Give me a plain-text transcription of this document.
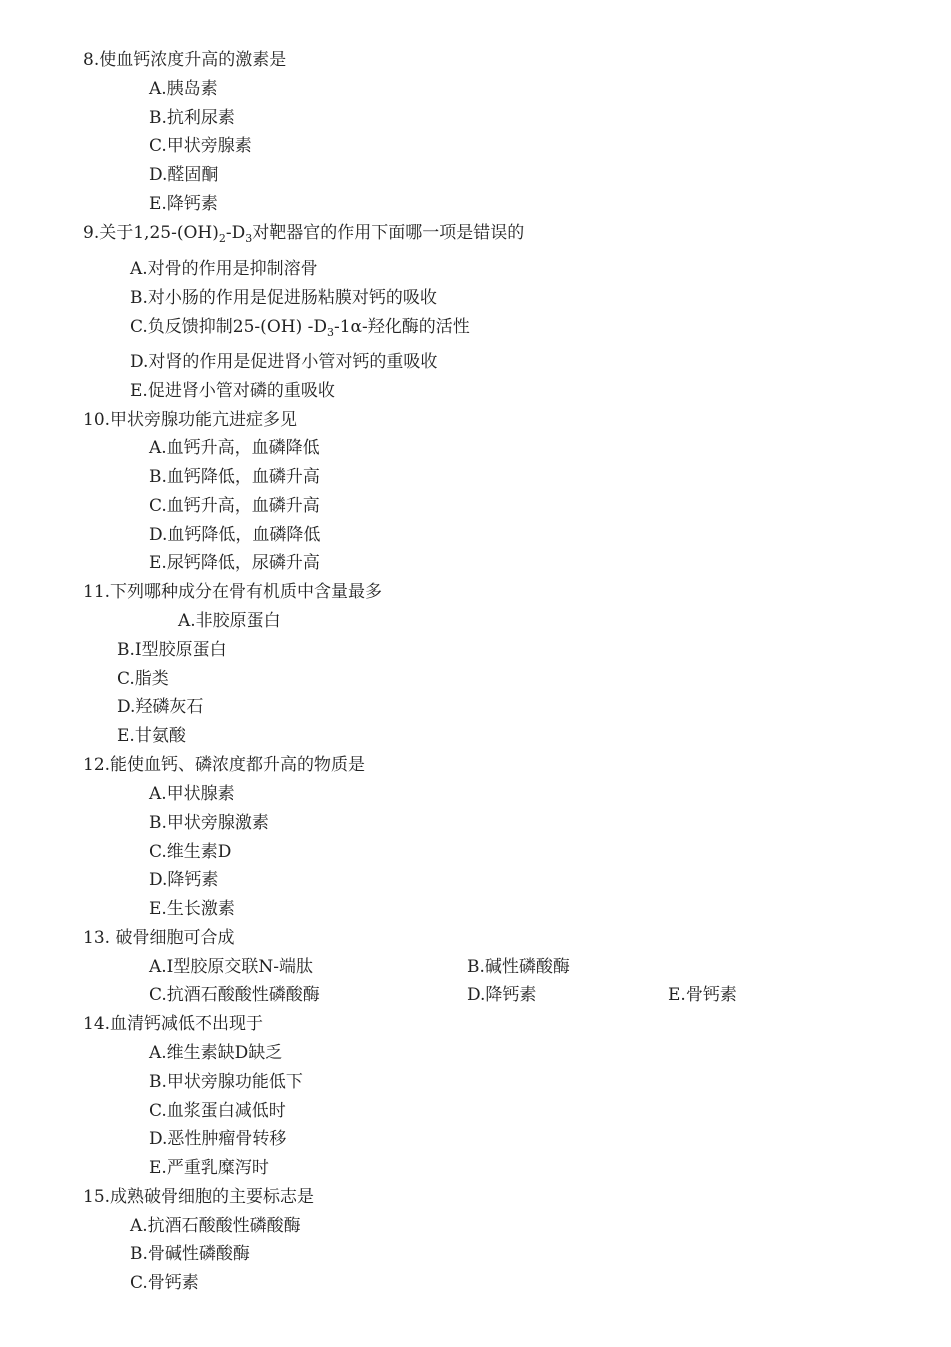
8.使血钙浓度升高的激素是
A.胰岛素
B.抗利尿素
C.甲状旁腺素
D.醛固酮
E.降钙素
9.关于$1,25-(OH)_2-D_3$对靶器官的作用下面哪一项是错误的
A.对骨的作用是抑制溶骨
B.对小肠的作用是促进肠粘膜对钙的吸收
C.负反馈抑制25-(OH) $-D_3-1\alpha-$羟化酶的活性
D.对肾的作用是促进肾小管对钙的重吸收
E.促进肾小管对磷的重吸收
10.甲状旁腺功能亢进症多见
A.血钙升高，血磷降低
B.血钙降低，血磷升高
C.血钙升高，血磷升高
D.血钙降低，血磷降低
E.尿钙降低，尿磷升高
11.下列哪种成分在骨有机质中含量最多
A.非胶原蛋白
B.Ⅰ型胶原蛋白
C.脂类
D.羟磷灰石
E.甘氨酸
12.能使血钙、磷浓度都升高的物质是
A.甲状腺素
B.甲状旁腺激素
C.维生素D
D.降钙素
E.生长激素
13. 破骨细胞可合成
A.Ⅰ型胶原交联N-端肽	B.碱性磷酸酶
C.抗酒石酸酸性磷酸酶	D.降钙素	E.骨钙素
14.血清钙减低不出现于
A.维生素缺D缺乏
B.甲状旁腺功能低下
C.血浆蛋白减低时
D.恶性肿瘤骨转移
E.严重乳糜泻时
15.成熟破骨细胞的主要标志是
A.抗酒石酸酸性磷酸酶
B.骨碱性磷酸酶
C.骨钙素
